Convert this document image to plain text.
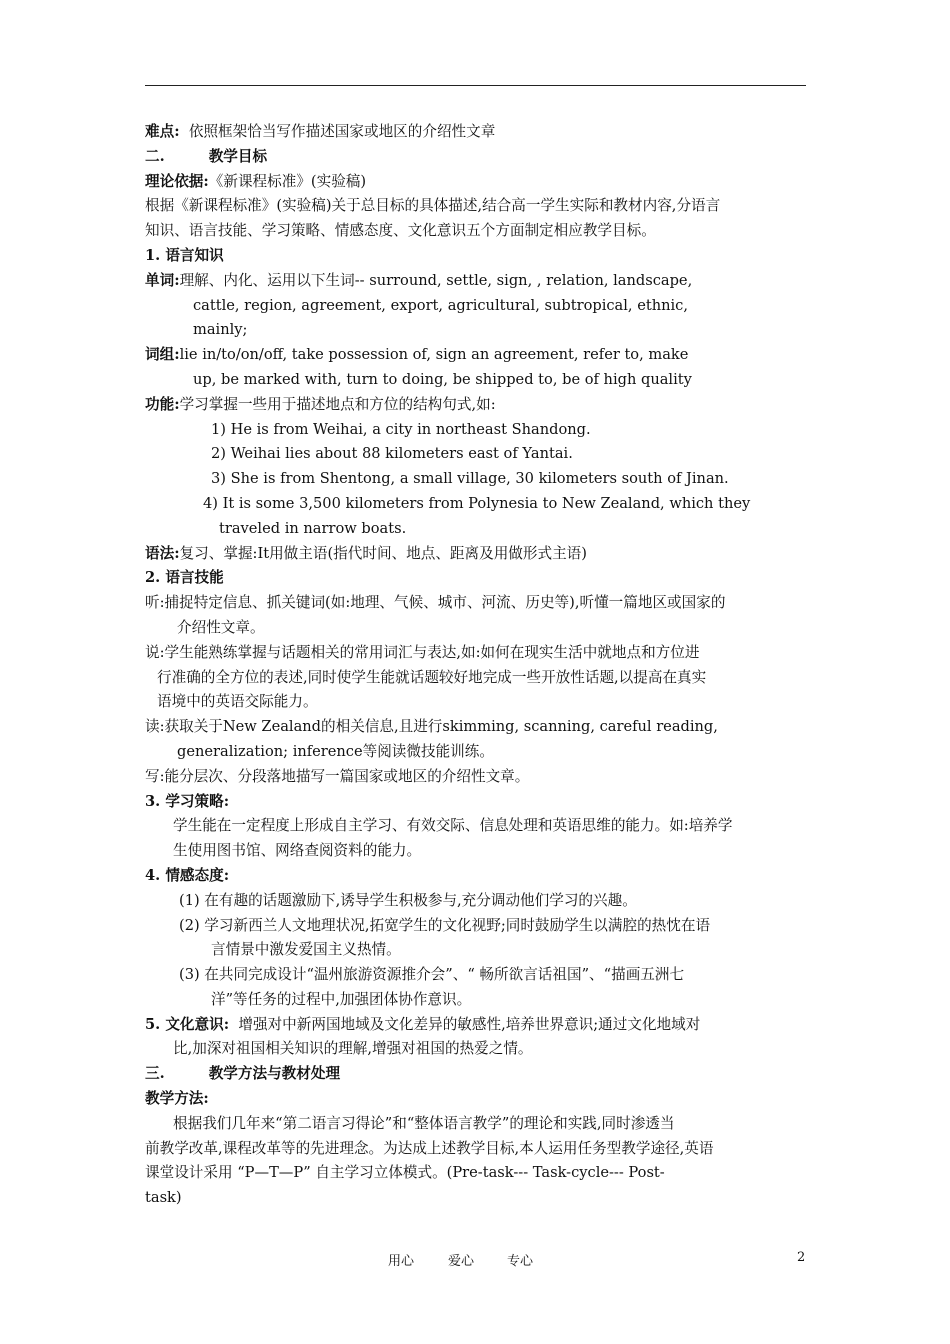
难点: 依照框架恰当写作描述国家或地区的介绍性文章
二.	教学目标
理论依据:《新课程标准》(实验稿)
根据《新课程标准》(实验稿)关于总目标的具体描述,结合高一学生实际和教材内容,分语言
知识、语言技能、学习策略、情感态度、文化意识五个方面制定相应教学目标。
1. 语言知识
单词:理解、内化、运用以下生词-- surround, settle, sign, , relation, landscape,
cattle, region, agreement, export, agricultural, subtropical, ethnic,
mainly;
词组:lie in/to/on/off, take possession of, sign an agreement, refer to, make
up, be marked with, turn to doing, be shipped to, be of high quality
功能:学习掌握一些用于描述地点和方位的结构句式,如:
1) He is from Weihai, a city in northeast Shandong.
2) Weihai lies about 88 kilometers east of Yantai.
3) She is from Shentong, a small village, 30 kilometers south of Jinan.
4) It is some 3,500 kilometers from Polynesia to New Zealand, which they
traveled in narrow boats.
语法:复习、掌握:It用做主语(指代时间、地点、距离及用做形式主语)
2. 语言技能
听:捕捉特定信息、抓关键词(如:地理、气候、城市、河流、历史等),听懂一篇地区或国家的
介绍性文章。
说:学生能熟练掌握与话题相关的常用词汇与表达,如:如何在现实生活中就地点和方位进
行准确的全方位的表述,同时使学生能就话题较好地完成一些开放性话题,以提高在真实
语境中的英语交际能力。
读:获取关于New Zealand的相关信息,且进行skimming, scanning, careful reading,
generalization; inference等阅读微技能训练。
写:能分层次、分段落地描写一篇国家或地区的介绍性文章。
3. 学习策略:
学生能在一定程度上形成自主学习、有效交际、信息处理和英语思维的能力。如:培养学
生使用图书馆、网络查阅资料的能力。
4. 情感态度:
(1) 在有趣的话题激励下,诱导学生积极参与,充分调动他们学习的兴趣。
(2) 学习新西兰人文地理状况,拓宽学生的文化视野;同时鼓励学生以满腔的热忱在语
言情景中激发爱国主义热情。
(3) 在共同完成设计“温州旅游资源推介会”、“ 畅所欲言话祖国”、“描画五洲七
洋”等任务的过程中,加强团体协作意识。
5. 文化意识: 增强对中新两国地域及文化差异的敏感性,培养世界意识;通过文化地域对
比,加深对祖国相关知识的理解,增强对祖国的热爱之情。
三.	教学方法与教材处理
教学方法:
根据我们几年来“第二语言习得论”和“整体语言教学”的理论和实践,同时渗透当
前教学改革,课程改革等的先进理念。为达成上述教学目标,本人运用任务型教学途径,英语
课堂设计采用 “P—T—P” 自主学习立体模式。(Pre-task--- Task-cycle--- Post-
task)
用心	爱心	专心	2
